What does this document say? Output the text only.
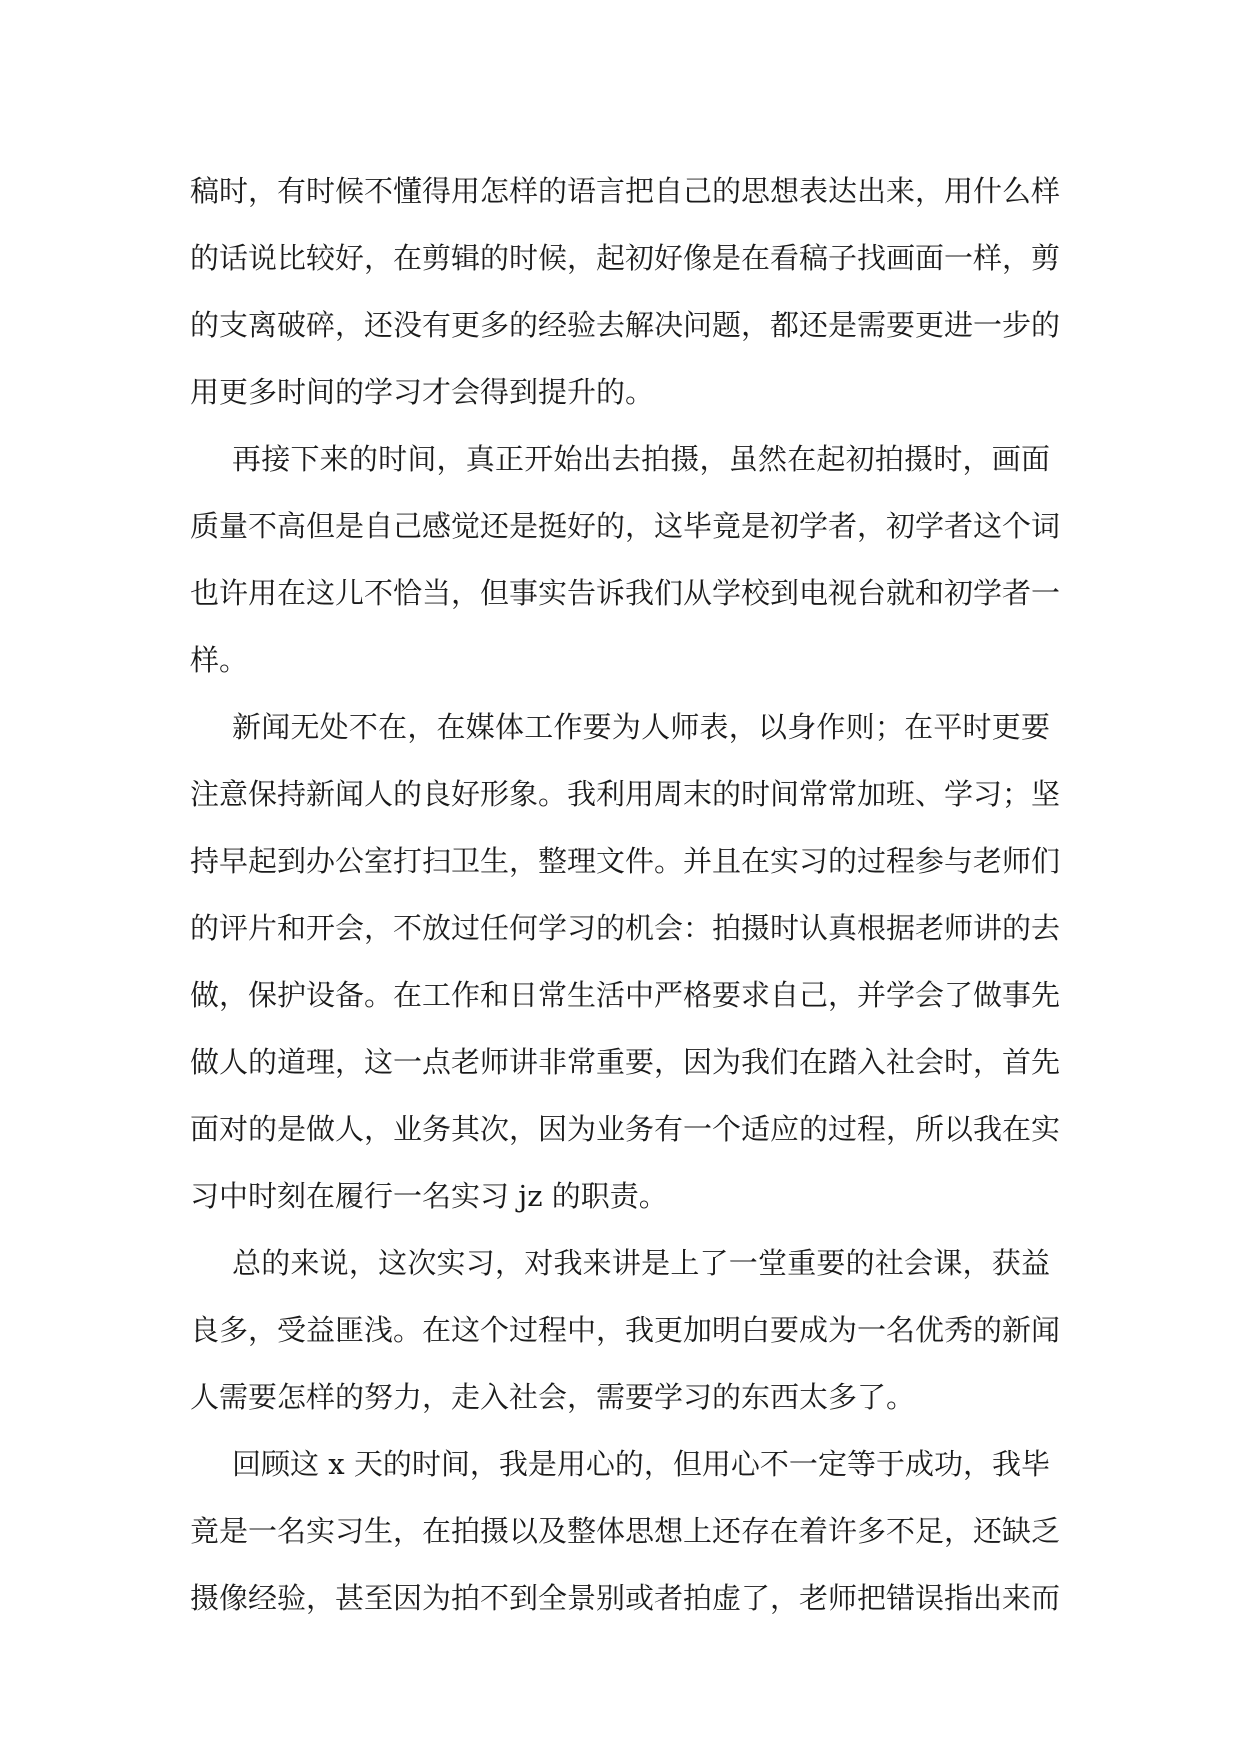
稿时，有时候不懂得用怎样的语言把自己的思想表达出来，用什么样
的话说比较好，在剪辑的时候，起初好像是在看稿子找画面一样，剪
的支离破碎，还没有更多的经验去解决问题，都还是需要更进一步的
用更多时间的学习才会得到提升的。
再接下来的时间，真正开始出去拍摄，虽然在起初拍摄时，画面
质量不高但是自己感觉还是挺好的，这毕竟是初学者，初学者这个词
也许用在这儿不恰当，但事实告诉我们从学校到电视台就和初学者一
样。
新闻无处不在，在媒体工作要为人师表，以身作则；在平时更要
注意保持新闻人的良好形象。我利用周末的时间常常加班、学习；坚
持早起到办公室打扫卫生，整理文件。并且在实习的过程参与老师们
的评片和开会，不放过任何学习的机会：拍摄时认真根据老师讲的去
做，保护设备。在工作和日常生活中严格要求自己，并学会了做事先
做人的道理，这一点老师讲非常重要，因为我们在踏入社会时，首先
面对的是做人，业务其次，因为业务有一个适应的过程，所以我在实
习中时刻在履行一名实习 jz 的职责。
总的来说，这次实习，对我来讲是上了一堂重要的社会课，获益
良多，受益匪浅。在这个过程中，我更加明白要成为一名优秀的新闻
人需要怎样的努力，走入社会，需要学习的东西太多了。
回顾这 x 天的时间，我是用心的，但用心不一定等于成功，我毕
竟是一名实习生，在拍摄以及整体思想上还存在着许多不足，还缺乏
摄像经验，甚至因为拍不到全景别或者拍虚了，老师把错误指出来而
